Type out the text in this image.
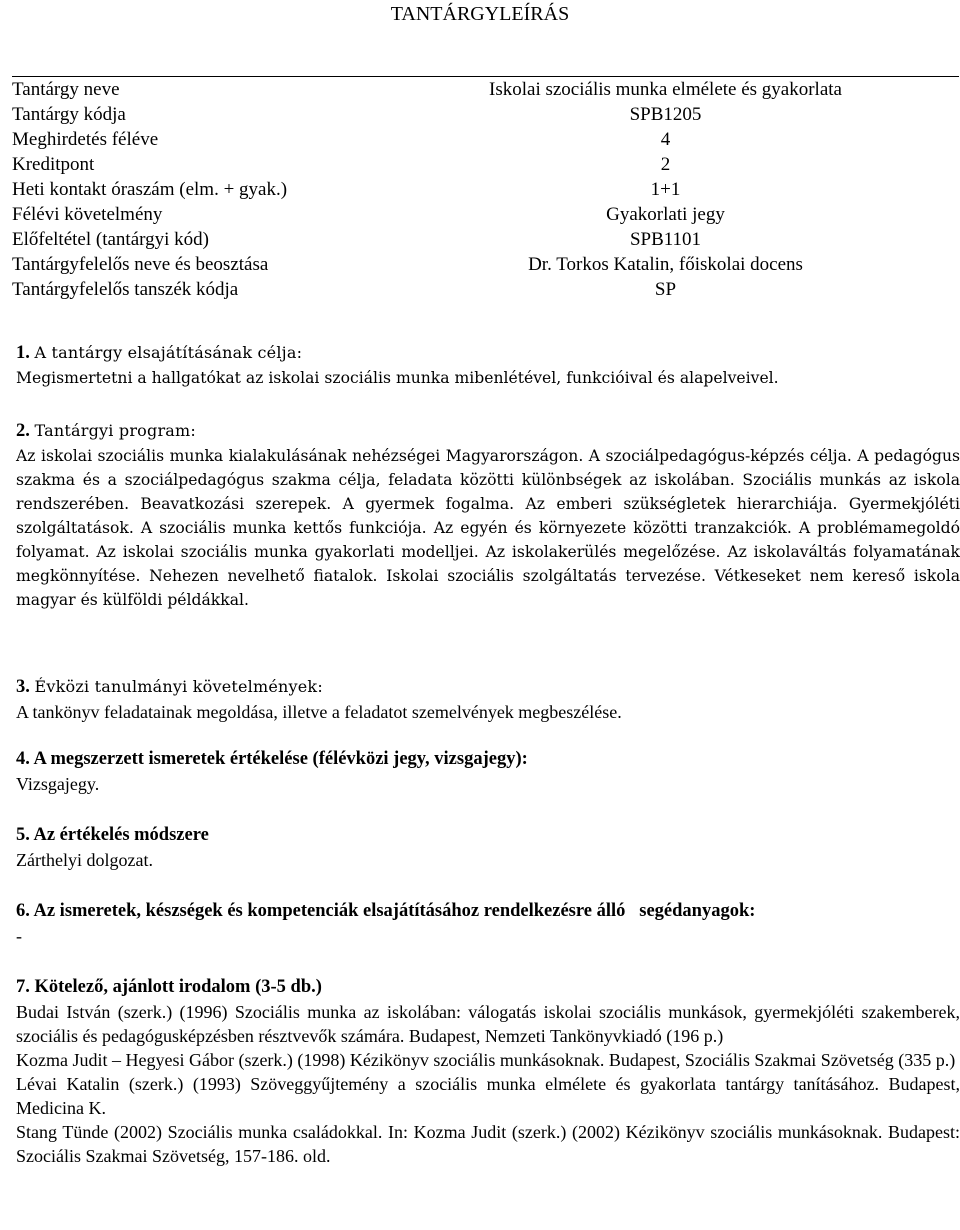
TANTÁRGYLEÍRÁS
Tantárgy neve	Iskolai szociális munka elmélete és gyakorlata
Tantárgy kódja	SPB1205
Meghirdetés féléve	4
Kreditpont	2
Heti kontakt óraszám (elm. + gyak.)	1+1
Félévi követelmény	Gyakorlati jegy
Előfeltétel (tantárgyi kód)	SPB1101
Tantárgyfelelős neve és beosztása	Dr. Torkos Katalin, főiskolai docens
Tantárgyfelelős tanszék kódja	SP
1. A tantárgy elsajátításának célja:
Megismertetni a hallgatókat az iskolai szociális munka mibenlétével, funkcióival és alapelveivel.
2. Tantárgyi program:
Az iskolai szociális munka kialakulásának nehézségei Magyarországon. A szociálpedagógus-képzés célja. A pedagógus szakma és a szociálpedagógus szakma célja, feladata közötti különbségek az iskolában. Szociális munkás az iskola rendszerében. Beavatkozási szerepek. A gyermek fogalma. Az emberi szükségletek hierarchiája. Gyermekjóléti szolgáltatások. A szociális munka kettős funkciója. Az egyén és környezete közötti tranzakciók. A problémamegoldó folyamat. Az iskolai szociális munka gyakorlati modelljei. Az iskolakerülés megelőzése. Az iskolaváltás folyamatának megkönnyítése. Nehezen nevelhető fiatalok. Iskolai szociális szolgáltatás tervezése. Vétkeseket nem kereső iskola magyar és külföldi példákkal.
3. Évközi tanulmányi követelmények:
A tankönyv feladatainak megoldása, illetve a feladatot szemelvények megbeszélése.
4. A megszerzett ismeretek értékelése (félévközi jegy, vizsgajegy):
Vizsgajegy.
5. Az értékelés módszere
Zárthelyi dolgozat.
6. Az ismeretek, készségek és kompetenciák elsajátításához rendelkezésre álló   segédanyagok:
-
7. Kötelező, ajánlott irodalom (3-5 db.)
Budai István (szerk.) (1996) Szociális munka az iskolában: válogatás iskolai szociális munkások, gyermekjóléti szakemberek, szociális és pedagógusképzésben résztvevők számára. Budapest, Nemzeti Tankönyvkiadó (196 p.)
Kozma Judit – Hegyesi Gábor (szerk.) (1998) Kézikönyv szociális munkásoknak. Budapest, Szociális Szakmai Szövetség (335 p.)
Lévai Katalin (szerk.) (1993) Szöveggyűjtemény a szociális munka elmélete és gyakorlata tantárgy tanításához. Budapest, Medicina K.
Stang Tünde (2002) Szociális munka családokkal. In: Kozma Judit (szerk.) (2002) Kézikönyv szociális munkásoknak. Budapest: Szociális Szakmai Szövetség, 157-186. old.
